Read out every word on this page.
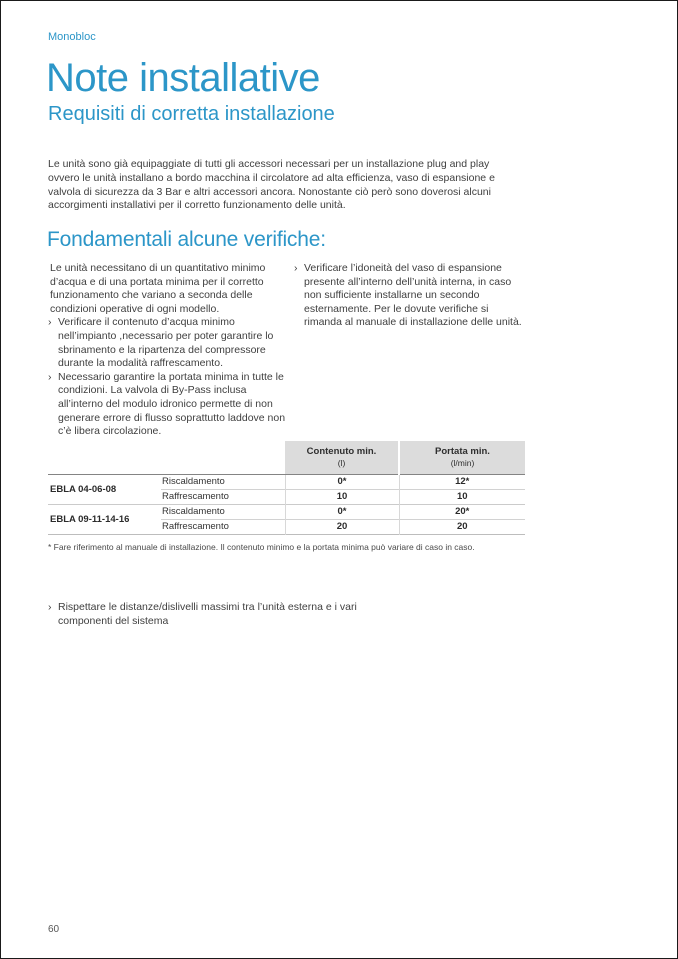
Monobloc
Note installative
Requisiti di corretta installazione

Le unità sono già equipaggiate di tutti gli accessori necessari per un installazione plug and play ovvero le unità installano a bordo macchina il circolatore ad alta efficienza, vaso di espansione e valvola di sicurezza da 3 Bar e altri accessori ancora. Nonostante ciò però sono doverosi alcuni accorgimenti installativi per il corretto funzionamento delle unità.

Fondamentali alcune verifiche:

Le unità necessitano di un quantitativo minimo d’acqua e di una portata minima per il corretto funzionamento che variano a seconda delle condizioni operative di ogni modello.

› Verificare il contenuto d’acqua minimo nell’impianto ,necessario per poter garantire lo sbrinamento e la ripartenza del compressore durante la modalità raffrescamento.
› Necessario garantire la portata minima in tutte le condizioni. La valvola di By-Pass inclusa all’interno del modulo idronico permette di non generare errore di flusso soprattutto laddove non c’è libera circolazione.
› Verificare l’idoneità del vaso di espansione presente all’interno dell’unità interna, in caso non sufficiente installarne un secondo esternamente. Per le dovute verifiche si rimanda al manuale di installazione delle unità.

Contenuto min.
(l)

Portata min.
(l/min)

EBLA 04-06-08	Riscaldamento	0*	12*
	Raffrescamento	10	10
EBLA 09-11-14-16	Riscaldamento	0*	20*
	Raffrescamento	20	20

* Fare riferimento al manuale di installazione. Il contenuto minimo e la portata minima può variare di caso in caso.

› Rispettare le distanze/dislivelli massimi tra l’unità esterna e i vari componenti del sistema
60
